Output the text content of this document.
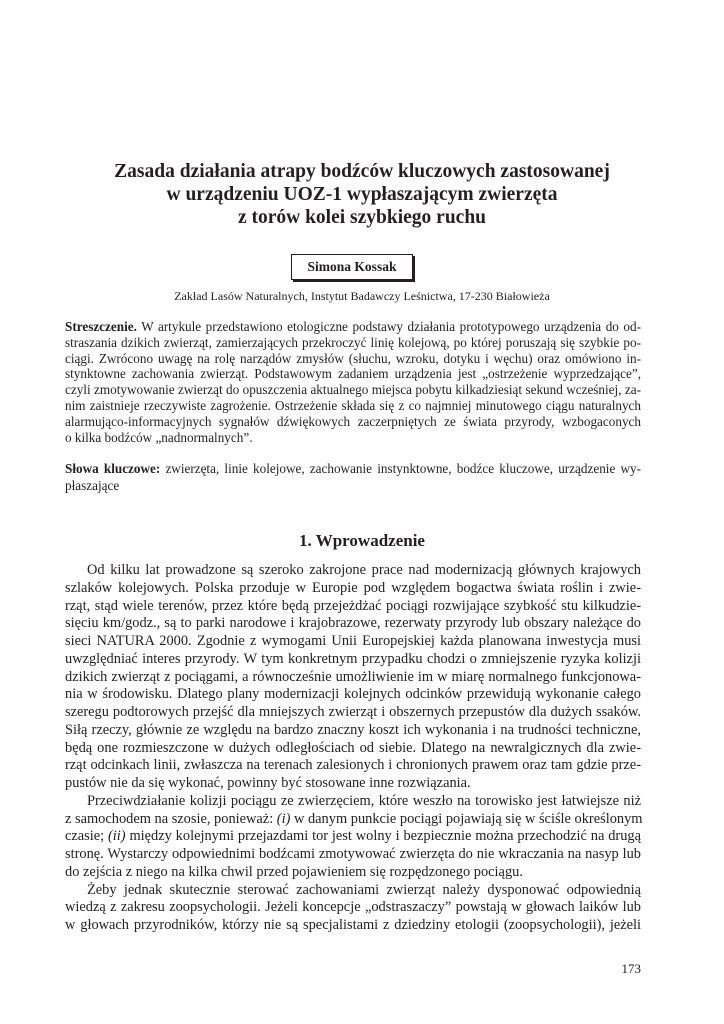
Zasada działania atrapy bodźców kluczowych zastosowanej
w urządzeniu UOZ-1 wypłaszającym zwierzęta
z torów kolei szybkiego ruchu
Simona Kossak
Zakład Lasów Naturalnych, Instytut Badawczy Leśnictwa, 17-230 Białowieża
Streszczenie. W artykule przedstawiono etologiczne podstawy działania prototypowego urządzenia do od-
straszania dzikich zwierząt, zamierzających przekroczyć linię kolejową, po której poruszają się szybkie po-
ciągi. Zwrócono uwagę na rolę narządów zmysłów (słuchu, wzroku, dotyku i węchu) oraz omówiono in-
stynktowne zachowania zwierząt. Podstawowym zadaniem urządzenia jest „ostrzeżenie wyprzedzające”,
czyli zmotywowanie zwierząt do opuszczenia aktualnego miejsca pobytu kilkadziesiąt sekund wcześniej, za-
nim zaistnieje rzeczywiste zagrożenie. Ostrzeżenie składa się z co najmniej minutowego ciągu naturalnych
alarmująco-informacyjnych sygnałów dźwiękowych zaczerpniętych ze świata przyrody, wzbogaconych
o kilka bodźców „nadnormalnych”.
Słowa kluczowe: zwierzęta, linie kolejowe, zachowanie instynktowne, bodźce kluczowe, urządzenie wy-
płaszające
1. Wprowadzenie
Od kilku lat prowadzone są szeroko zakrojone prace nad modernizacją głównych krajowych
szlaków kolejowych. Polska przoduje w Europie pod względem bogactwa świata roślin i zwie-
rząt, stąd wiele terenów, przez które będą przejeżdżać pociągi rozwijające szybkość stu kilkudzie-
sięciu km/godz., są to parki narodowe i krajobrazowe, rezerwaty przyrody lub obszary należące do
sieci NATURA 2000. Zgodnie z wymogami Unii Europejskiej każda planowana inwestycja musi
uwzględniać interes przyrody. W tym konkretnym przypadku chodzi o zmniejszenie ryzyka kolizji
dzikich zwierząt z pociągami, a równocześnie umożliwienie im w miarę normalnego funkcjonowa-
nia w środowisku. Dlatego plany modernizacji kolejnych odcinków przewidują wykonanie całego
szeregu podtorowych przejść dla mniejszych zwierząt i obszernych przepustów dla dużych ssaków.
Siłą rzeczy, głównie ze względu na bardzo znaczny koszt ich wykonania i na trudności techniczne,
będą one rozmieszczone w dużych odległościach od siebie. Dlatego na newralgicznych dla zwie-
rząt odcinkach linii, zwłaszcza na terenach zalesionych i chronionych prawem oraz tam gdzie prze-
pustów nie da się wykonać, powinny być stosowane inne rozwiązania.
Przeciwdziałanie kolizji pociągu ze zwierzęciem, które weszło na torowisko jest łatwiejsze niż
z samochodem na szosie, ponieważ: (i) w danym punkcie pociągi pojawiają się w ściśle określonym
czasie; (ii) między kolejnymi przejazdami tor jest wolny i bezpiecznie można przechodzić na drugą
stronę. Wystarczy odpowiednimi bodźcami zmotywować zwierzęta do nie wkraczania na nasyp lub
do zejścia z niego na kilka chwil przed pojawieniem się rozpędzonego pociągu.
Żeby jednak skutecznie sterować zachowaniami zwierząt należy dysponować odpowiednią
wiedzą z zakresu zoopsychologii. Jeżeli koncepcje „odstraszaczy” powstają w głowach laików lub
w głowach przyrodników, którzy nie są specjalistami z dziedziny etologii (zoopsychologii), jeżeli
173
